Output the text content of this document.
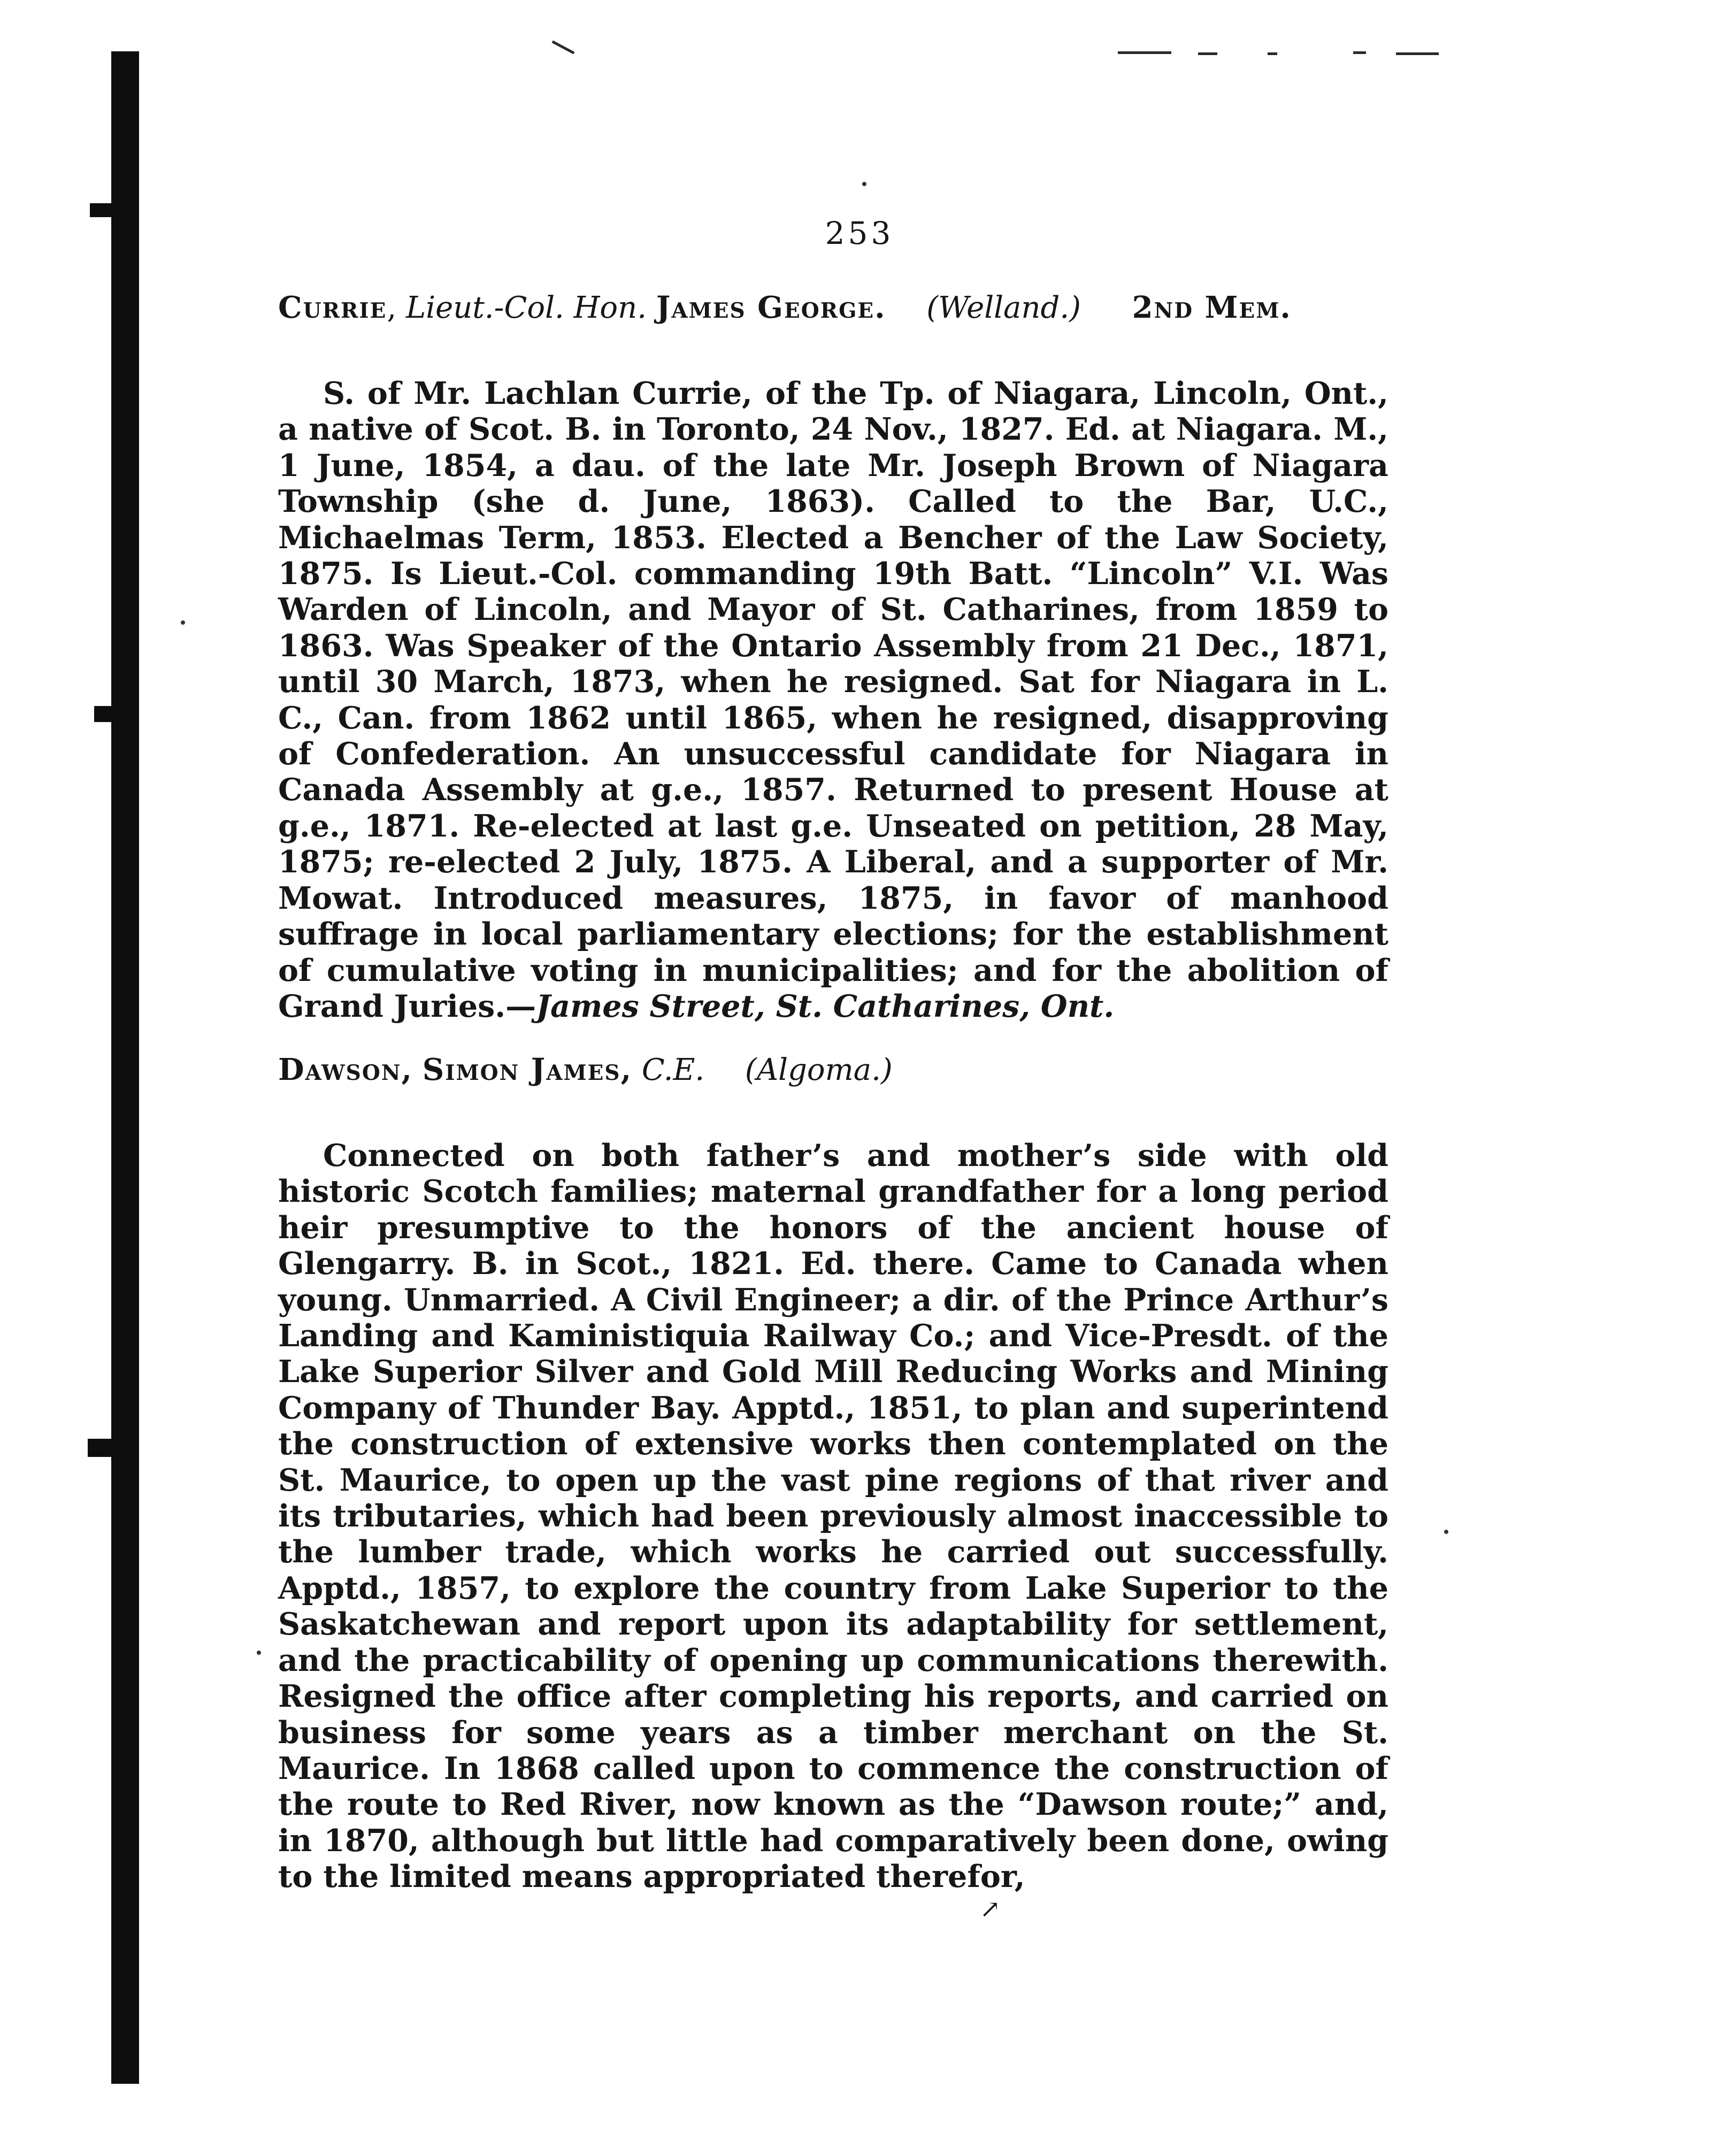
253
Currie, Lieut.-Col. Hon. James George. (Welland.) 2nd Mem.
S. of Mr. Lachlan Currie, of the Tp. of Niagara, Lincoln, Ont., a native of Scot. B. in Toronto, 24 Nov., 1827. Ed. at Niagara. M., 1 June, 1854, a dau. of the late Mr. Joseph Brown of Niagara Township (she d. June, 1863). Called to the Bar, U.C., Michaelmas Term, 1853. Elected a Bencher of the Law Society, 1875. Is Lieut.-Col. commanding 19th Batt. “Lincoln” V.I. Was Warden of Lincoln, and Mayor of St. Catharines, from 1859 to 1863. Was Speaker of the Ontario Assembly from 21 Dec., 1871, until 30 March, 1873, when he resigned. Sat for Niagara in L. C., Can. from 1862 until 1865, when he resigned, disapproving of Confederation. An unsuccessful candidate for Niagara in Canada Assembly at g.e., 1857. Returned to present House at g.e., 1871. Re-elected at last g.e. Unseated on petition, 28 May, 1875; re-elected 2 July, 1875. A Liberal, and a supporter of Mr. Mowat. Introduced measures, 1875, in favor of manhood suffrage in local parliamentary elections; for the establishment of cumulative voting in municipalities; and for the abolition of Grand Juries.—James Street, St. Catharines, Ont.
Dawson, Simon James, C.E. (Algoma.)
Connected on both father’s and mother’s side with old historic Scotch families; maternal grandfather for a long period heir presumptive to the honors of the ancient house of Glengarry. B. in Scot., 1821. Ed. there. Came to Canada when young. Unmarried. A Civil Engineer; a dir. of the Prince Arthur’s Landing and Kaministiquia Railway Co.; and Vice-Presdt. of the Lake Superior Silver and Gold Mill Reducing Works and Mining Company of Thunder Bay. Apptd., 1851, to plan and superintend the construction of extensive works then contemplated on the St. Maurice, to open up the vast pine regions of that river and its tributaries, which had been previously almost inaccessible to the lumber trade, which works he carried out successfully. Apptd., 1857, to explore the country from Lake Superior to the Saskatchewan and report upon its adaptability for settlement, and the practicability of opening up communications therewith. Resigned the office after completing his reports, and carried on business for some years as a timber merchant on the St. Maurice. In 1868 called upon to commence the construction of the route to Red River, now known as the “Dawson route;” and, in 1870, although but little had comparatively been done, owing to the limited means appropriated therefor,
↗
